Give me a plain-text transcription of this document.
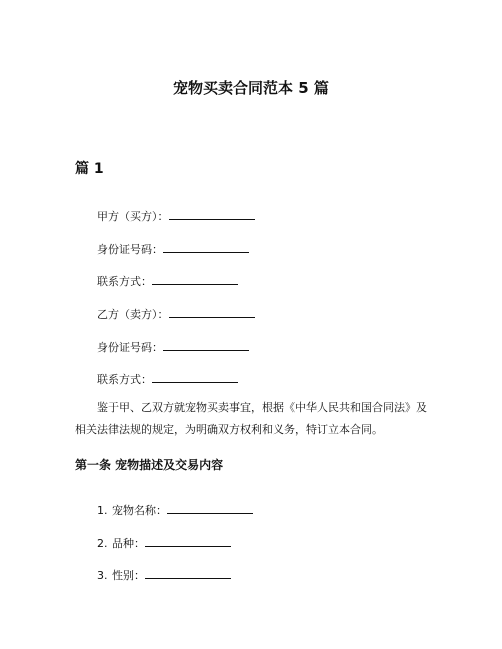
宠物买卖合同范本 5 篇
篇 1

甲方（买方）：

身份证号码：

联系方式：

乙方（卖方）：

身份证号码：

联系方式：

鉴于甲、乙双方就宠物买卖事宜，根据《中华人民共和国合同法》及相关法律法规的规定，为明确双方权利和义务，特订立本合同。

第一条 宠物描述及交易内容

1. 宠物名称：

2. 品种：

3. 性别：
